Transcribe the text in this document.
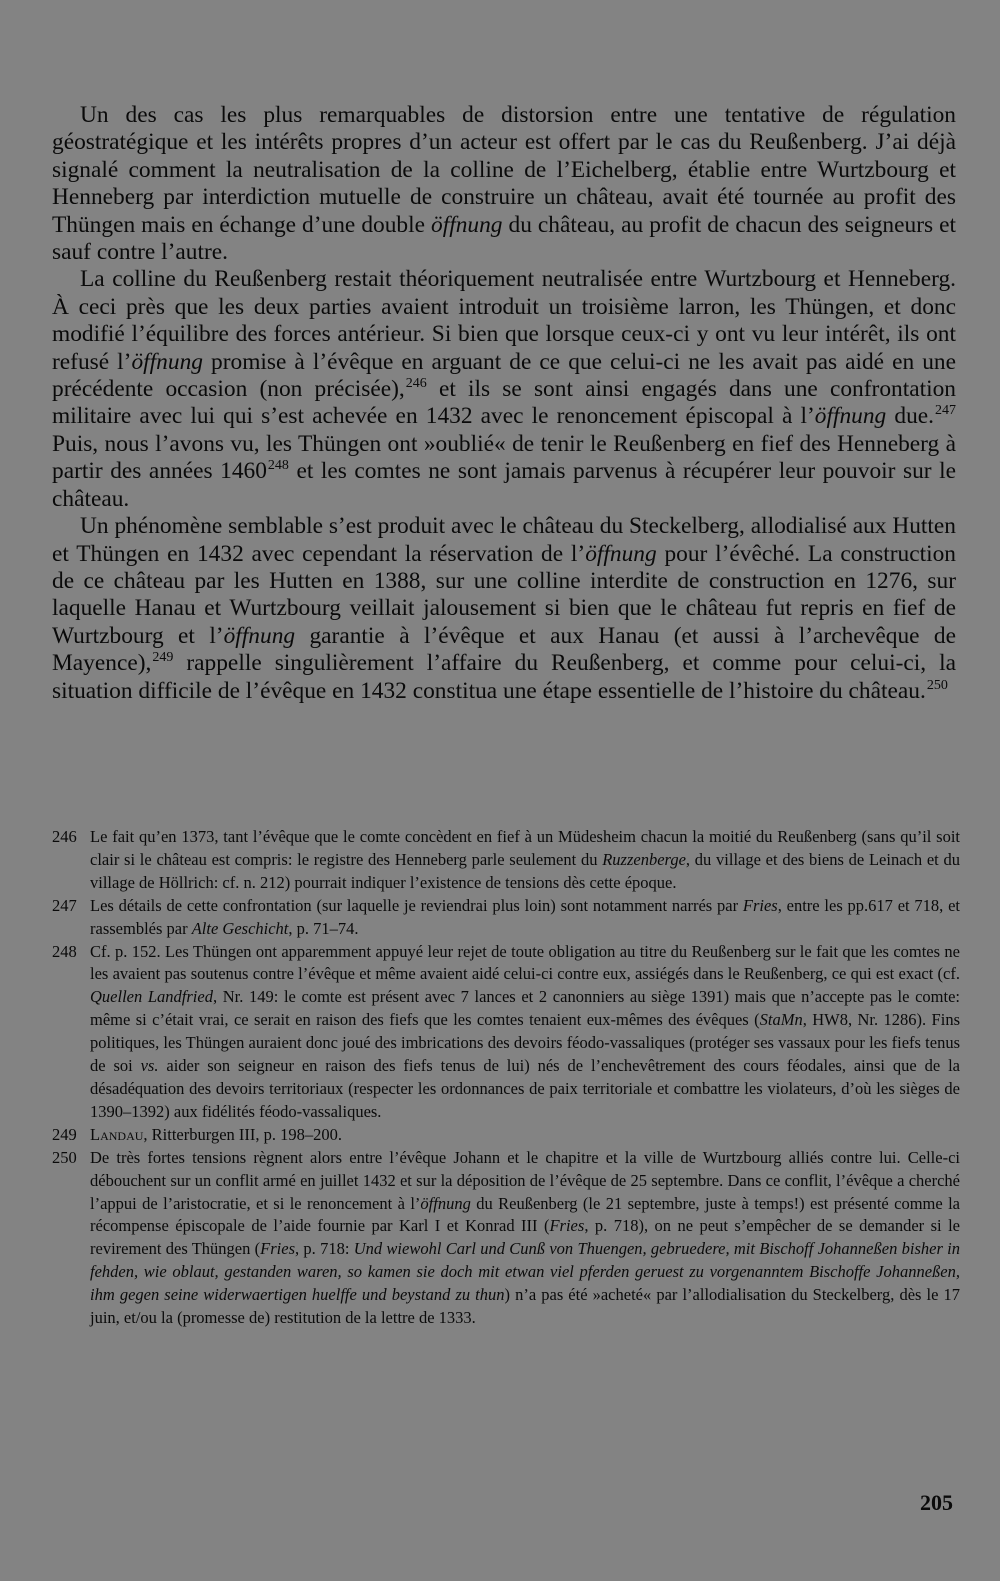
Un des cas les plus remarquables de distorsion entre une tentative de régulation géostratégique et les intérêts propres d’un acteur est offert par le cas du Reußenberg. J’ai déjà signalé comment la neutralisation de la colline de l’Eichelberg, établie entre Wurtzbourg et Henneberg par interdiction mutuelle de construire un château, avait été tournée au profit des Thüngen mais en échange d’une double öffnung du château, au profit de chacun des seigneurs et sauf contre l’autre.

La colline du Reußenberg restait théoriquement neutralisée entre Wurtzbourg et Henneberg. À ceci près que les deux parties avaient introduit un troisième larron, les Thüngen, et donc modifié l’équilibre des forces antérieur. Si bien que lorsque ceux-ci y ont vu leur intérêt, ils ont refusé l’öffnung promise à l’évêque en arguant de ce que celui-ci ne les avait pas aidé en une précédente occasion (non précisée),$^{246}$ et ils se sont ainsi engagés dans une confrontation militaire avec lui qui s’est achevée en 1432 avec le renoncement épiscopal à l’öffnung due.$^{247}$ Puis, nous l’avons vu, les Thüngen ont »oublié« de tenir le Reußenberg en fief des Henneberg à partir des années 1460$^{248}$ et les comtes ne sont jamais parvenus à récupérer leur pouvoir sur le château.

Un phénomène semblable s’est produit avec le château du Steckelberg, allodialisé aux Hutten et Thüngen en 1432 avec cependant la réservation de l’öffnung pour l’évêché. La construction de ce château par les Hutten en 1388, sur une colline interdite de construction en 1276, sur laquelle Hanau et Wurtzbourg veillait jalousement si bien que le château fut repris en fief de Wurtzbourg et l’öffnung garantie à l’évêque et aux Hanau (et aussi à l’archevêque de Mayence),$^{249}$ rappelle singulièrement l’affaire du Reußenberg, et comme pour celui-ci, la situation difficile de l’évêque en 1432 constitua une étape essentielle de l’histoire du château.$^{250}$

246 Le fait qu’en 1373, tant l’évêque que le comte concèdent en fief à un Müdesheim chacun la moitié du Reußenberg (sans qu’il soit clair si le château est compris: le registre des Henneberg parle seulement du Ruzzenberge, du village et des biens de Leinach et du village de Höllrich: cf. n. 212) pourrait indiquer l’existence de tensions dès cette époque.

247 Les détails de cette confrontation (sur laquelle je reviendrai plus loin) sont notamment narrés par Fries, entre les pp.617 et 718, et rassemblés par Alte Geschicht, p. 71–74.

248 Cf. p. 152. Les Thüngen ont apparemment appuyé leur rejet de toute obligation au titre du Reußenberg sur le fait que les comtes ne les avaient pas soutenus contre l’évêque et même avaient aidé celui-ci contre eux, assiégés dans le Reußenberg, ce qui est exact (cf. Quellen Landfried, Nr. 149: le comte est présent avec 7 lances et 2 canonniers au siège 1391) mais que n’accepte pas le comte: même si c’était vrai, ce serait en raison des fiefs que les comtes tenaient eux-mêmes des évêques (StaMn, HW8, Nr. 1286). Fins politiques, les Thüngen auraient donc joué des imbrications des devoirs féodo-vassaliques (protéger ses vassaux pour les fiefs tenus de soi vs. aider son seigneur en raison des fiefs tenus de lui) nés de l’enchevêtrement des cours féodales, ainsi que de la désadéquation des devoirs territoriaux (respecter les ordonnances de paix territoriale et combattre les violateurs, d’où les sièges de 1390–1392) aux fidélités féodo-vassaliques.

249 Landau, Ritterburgen III, p. 198–200.

250 De très fortes tensions règnent alors entre l’évêque Johann et le chapitre et la ville de Wurtzbourg alliés contre lui. Celle-ci débouchent sur un conflit armé en juillet 1432 et sur la déposition de l’évêque de 25 septembre. Dans ce conflit, l’évêque a cherché l’appui de l’aristocratie, et si le renoncement à l’öffnung du Reußenberg (le 21 septembre, juste à temps!) est présenté comme la récompense épiscopale de l’aide fournie par Karl I et Konrad III (Fries, p. 718), on ne peut s’empêcher de se demander si le revirement des Thüngen (Fries, p. 718: Und wiewohl Carl und Cunß von Thuengen, gebruedere, mit Bischoff Johanneßen bisher in fehden, wie oblaut, gestanden waren, so kamen sie doch mit etwan viel pferden geruest zu vorgenanntem Bischoffe Johanneßen, ihm gegen seine widerwaertigen huelffe und beystand zu thun) n’a pas été »acheté« par l’allodialisation du Steckelberg, dès le 17 juin, et/ou la (promesse de) restitution de la lettre de 1333.

205
